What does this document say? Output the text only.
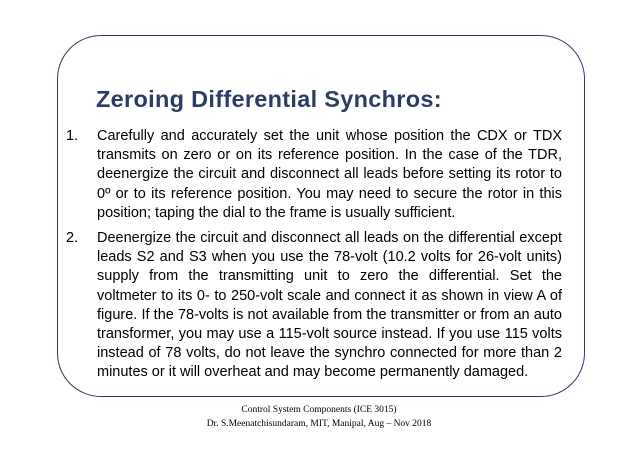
Zeroing Differential Synchros:
1.	Carefully and accurately set the unit whose position the CDX or TDX transmits on zero or on its reference position. In the case of the TDR, deenergize the circuit and disconnect all leads before setting its rotor to 0º or to its reference position. You may need to secure the rotor in this position; taping the dial to the frame is usually sufficient.
2.	Deenergize the circuit and disconnect all leads on the differential except leads S2 and S3 when you use the 78-volt (10.2 volts for 26-volt units) supply from the transmitting unit to zero the differential. Set the voltmeter to its 0- to 250-volt scale and connect it as shown in view A of figure. If the 78-volts is not available from the transmitter or from an auto transformer, you may use a 115-volt source instead. If you use 115 volts instead of 78 volts, do not leave the synchro connected for more than 2 minutes or it will overheat and may become permanently damaged.
Control System Components (ICE 3015)
Dr. S.Meenatchisundaram, MIT, Manipal, Aug – Nov 2018
